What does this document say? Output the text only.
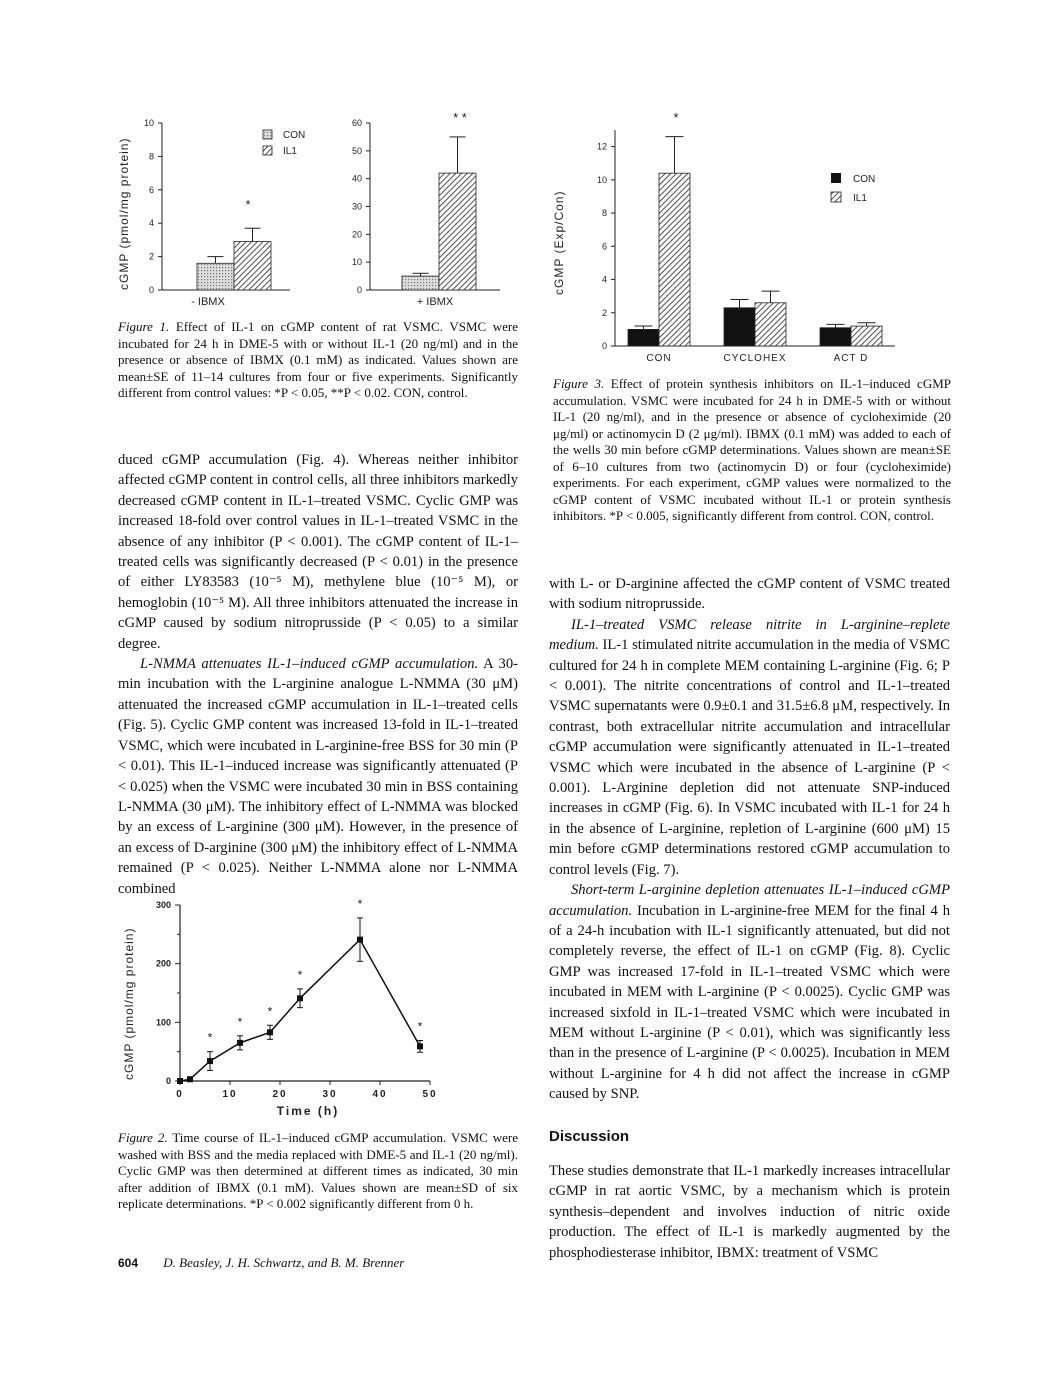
cGMP (pmol/mg protein)
10
8
6
4
2
0
60
50
40
30
20
10
0
CON
IL1
- IBMX	+ IBMX
*
* *
Figure 1. Effect of IL-1 on cGMP content of rat VSMC. VSMC were incubated for 24 h in DME-5 with or without IL-1 (20 ng/ml) and in the presence or absence of IBMX (0.1 mM) as indicated. Values shown are mean±SE of 11–14 cultures from four or five experiments. Significantly different from control values: *P < 0.05, **P < 0.02. CON, control.
cGMP (Exp/Con)
12
10
8
6
4
2
0
CON	CYCLOHEX	ACT D
CON
IL1
*
Figure 3. Effect of protein synthesis inhibitors on IL-1–induced cGMP accumulation. VSMC were incubated for 24 h in DME-5 with or without IL-1 (20 ng/ml), and in the presence or absence of cycloheximide (20 μg/ml) or actinomycin D (2 μg/ml). IBMX (0.1 mM) was added to each of the wells 30 min before cGMP determinations. Values shown are mean±SE of 6–10 cultures from two (actinomycin D) or four (cycloheximide) experiments. For each experiment, cGMP values were normalized to the cGMP content of VSMC incubated without IL-1 or protein synthesis inhibitors. *P < 0.005, significantly different from control. CON, control.

duced cGMP accumulation (Fig. 4). Whereas neither inhibitor affected cGMP content in control cells, all three inhibitors markedly decreased cGMP content in IL-1–treated VSMC. Cyclic GMP was increased 18-fold over control values in IL-1–treated VSMC in the absence of any inhibitor (P < 0.001). The cGMP content of IL-1–treated cells was significantly decreased (P < 0.01) in the presence of either LY83583 (10⁻⁵ M), methylene blue (10⁻⁵ M), or hemoglobin (10⁻⁵ M). All three inhibitors attenuated the increase in cGMP caused by sodium nitroprusside (P < 0.05) to a similar degree.

L-NMMA attenuates IL-1–induced cGMP accumulation. A 30-min incubation with the L-arginine analogue L-NMMA (30 μM) attenuated the increased cGMP accumulation in IL-1–treated cells (Fig. 5). Cyclic GMP content was increased 13-fold in IL-1–treated VSMC, which were incubated in L-arginine-free BSS for 30 min (P < 0.01). This IL-1–induced increase was significantly attenuated (P < 0.025) when the VSMC were incubated 30 min in BSS containing L-NMMA (30 μM). The inhibitory effect of L-NMMA was blocked by an excess of L-arginine (300 μM). However, in the presence of an excess of D-arginine (300 μM) the inhibitory effect of L-NMMA remained (P < 0.025). Neither L-NMMA alone nor L-NMMA combined

cGMP (pmol/mg protein)
300
200
100
0
0	10	20	30	40	50
*
*
*
*
*
*
Time (h)
Figure 2. Time course of IL-1–induced cGMP accumulation. VSMC were washed with BSS and the media replaced with DME-5 and IL-1 (20 ng/ml). Cyclic GMP was then determined at different times as indicated, 30 min after addition of IBMX (0.1 mM). Values shown are mean±SD of six replicate determinations. *P < 0.002 significantly different from 0 h.

with L- or D-arginine affected the cGMP content of VSMC treated with sodium nitroprusside.

IL-1–treated VSMC release nitrite in L-arginine–replete medium. IL-1 stimulated nitrite accumulation in the media of VSMC cultured for 24 h in complete MEM containing L-arginine (Fig. 6; P < 0.001). The nitrite concentrations of control and IL-1–treated VSMC supernatants were 0.9±0.1 and 31.5±6.8 μM, respectively. In contrast, both extracellular nitrite accumulation and intracellular cGMP accumulation were significantly attenuated in IL-1–treated VSMC which were incubated in the absence of L-arginine (P < 0.001). L-Arginine depletion did not attenuate SNP-induced increases in cGMP (Fig. 6). In VSMC incubated with IL-1 for 24 h in the absence of L-arginine, repletion of L-arginine (600 μM) 15 min before cGMP determinations restored cGMP accumulation to control levels (Fig. 7).

Short-term L-arginine depletion attenuates IL-1–induced cGMP accumulation. Incubation in L-arginine-free MEM for the final 4 h of a 24-h incubation with IL-1 significantly attenuated, but did not completely reverse, the effect of IL-1 on cGMP (Fig. 8). Cyclic GMP was increased 17-fold in IL-1–treated VSMC which were incubated in MEM with L-arginine (P < 0.0025). Cyclic GMP was increased sixfold in IL-1–treated VSMC which were incubated in MEM without L-arginine (P < 0.01), which was significantly less than in the presence of L-arginine (P < 0.0025). Incubation in MEM without L-arginine for 4 h did not affect the increase in cGMP caused by SNP.

Discussion

These studies demonstrate that IL-1 markedly increases intracellular cGMP in rat aortic VSMC, by a mechanism which is protein synthesis–dependent and involves induction of nitric oxide production. The effect of IL-1 is markedly augmented by the phosphodiesterase inhibitor, IBMX: treatment of VSMC

604 D. Beasley, J. H. Schwartz, and B. M. Brenner
